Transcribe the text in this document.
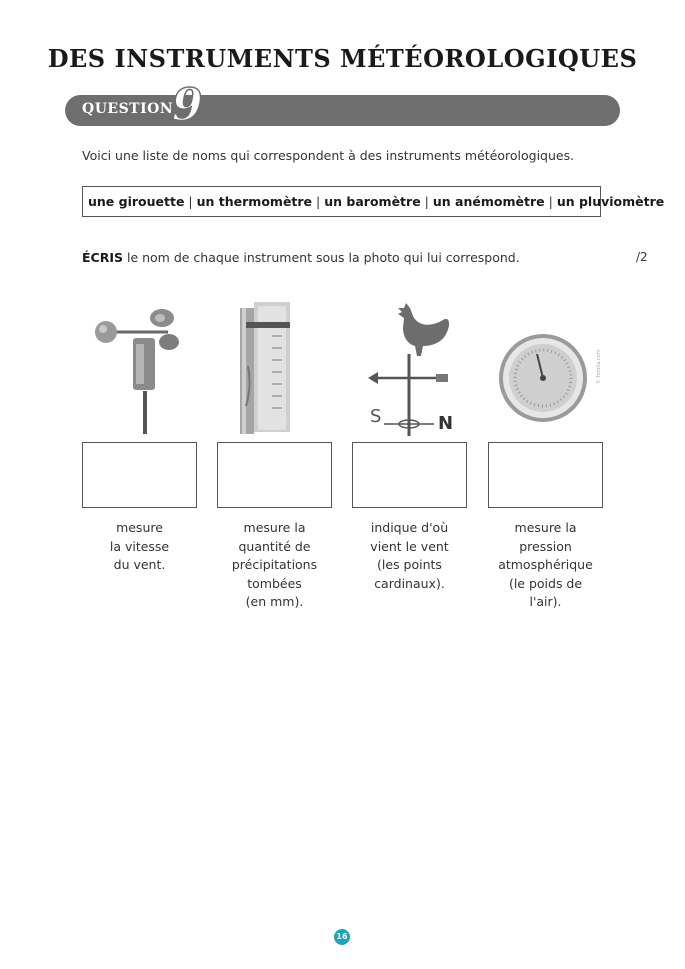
DES INSTRUMENTS MÉTÉOROLOGIQUES
QUESTION
9
Voici une liste de noms qui correspondent à des instruments météorologiques.
une girouette | un thermomètre | un baromètre | un anémomètre | un pluviomètre
ÉCRIS le nom de chaque instrument sous la photo qui lui correspond.	/2
S	N
© fotolia.com
mesure
la vitesse
du vent.
mesure la
quantité de
précipitations
tombées
(en mm).
indique d'où
vient le vent
(les points
cardinaux).
mesure la
pression
atmosphérique
(le poids de
l'air).
16
